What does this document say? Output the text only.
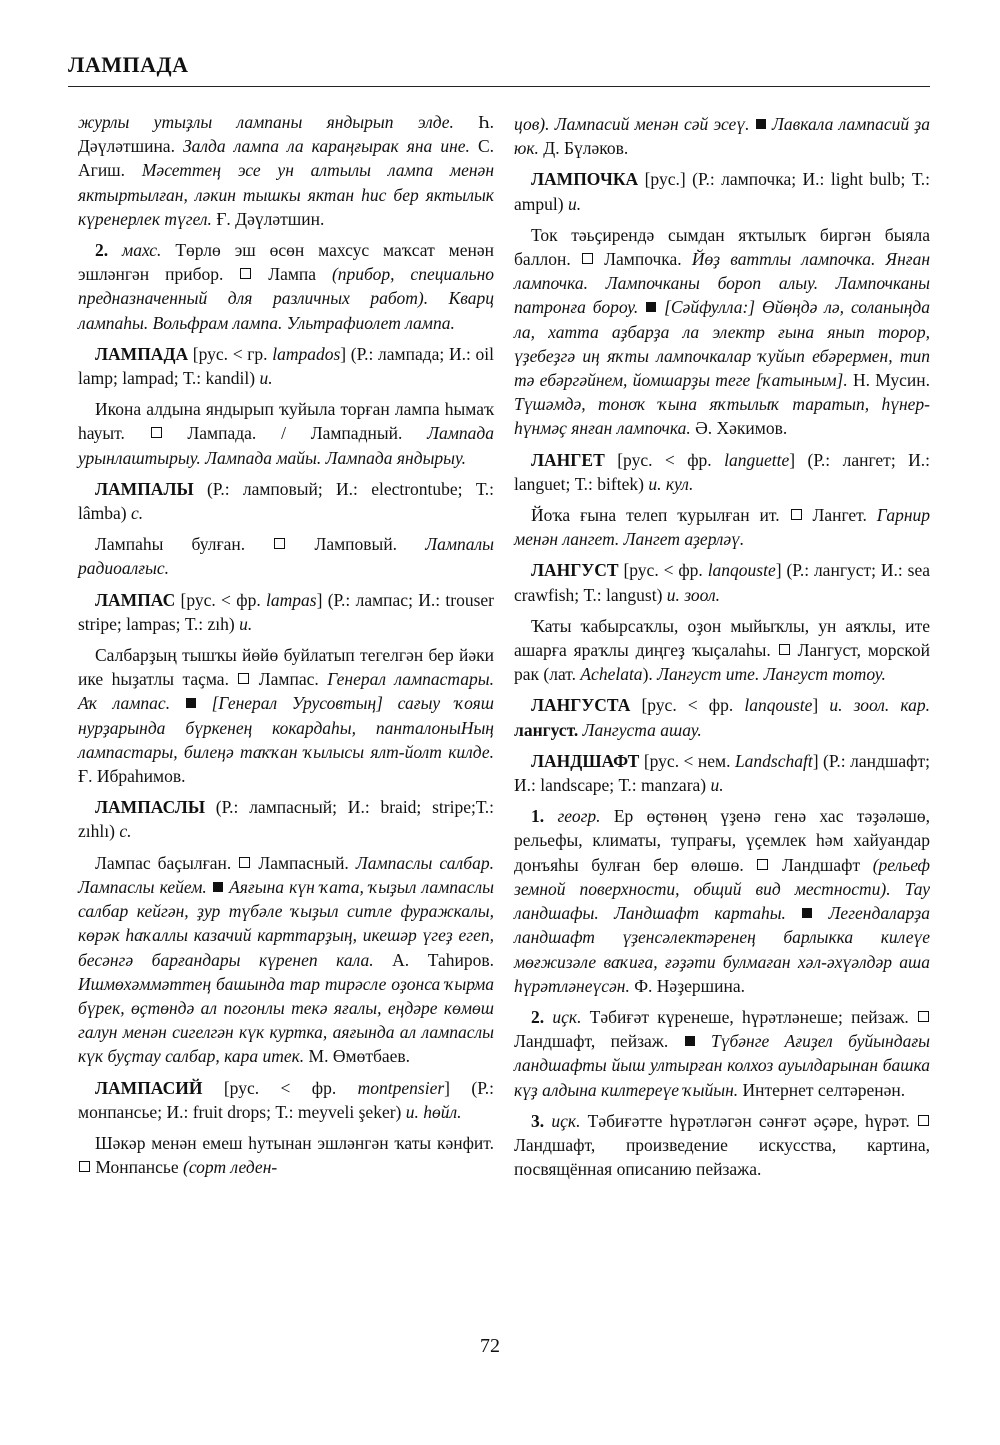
ЛАМПАДА

журлы утыҙлы лампаны яндырып элде. Һ. Дәүләтшина. Залда лампа ла карaңғырак яна ине. С. Агиш. Мәсеттең эсе ун алтылы лампа менән яктыртылған, ләкин тышкы яктан һис бер яктылык күренерлек түгел. Ғ. Дәүләтшин.

2. махс. Төрлө эш өсөн махсус маҡсат менән эшләнгән прибор.  Лампа (прибор, специально предназначенный для различных работ). Кварц лампаһы. Вольфрам лампа. Ультрафиолет лампа.

ЛАМПАДА [рус. < гр. lampados] (Р.: лампада; И.: oil lamp; lampad; Т.: kandil) и.

Икона алдына яндырып ҡуйыла торған лампа һымаҡ һауыт.  Лампада. / Лампадный. Лампада урынлаштырыу. Лампада майы. Лампада яндырыу.

ЛАМПАЛЫ (Р.: ламповый; И.: electrontube; Т.: lâmba) с.

Лампаһы булған.  Ламповый. Лампалы радиоалғыс.

ЛАМПАС [рус. < фр. lampas] (Р.: лампас; И.: trouser stripe; lampas; Т.: zıh) и.

Салбарҙың тышҡы йөйө буйлатып тегелгән бер йәки ике һыҙатлы таҫма.  Лампас. Генерал лампастары. Аҡ лампас. [Генерал Урусовтың] сағыу ҡояш нурҙарында бүркенең кокардаһы, панталоныНың лампастары, билеңә таҡҡан ҡылысы ялт-йолт килде. Ғ. Ибраһимов.

ЛАМПАСЛЫ (Р.: лампасный; И.: braid; stripe;Т.: zıhlı) с.

Лампас баҫылған.  Лампасный. Лампаслы салбар. Лампаслы кейем. Аяғына күн ҡата, ҡыҙыл лампаслы салбар кейгән, ҙур түбәле ҡыҙыл ситле фуражкалы, көрәк һаҡаллы казачий карттарҙың, икешәр үгеҙ егеп, бесәнгә барғандары күренеп кала. А. Таһиров. Ишмөхәммәттең башында тар тирәсле оҙонса ҡырма бүрек, өҫтөндә ал погонлы текә яғалы, еңдәре көмөш галун менән сигелгән күк куртка, аяғында ал лампаслы күк буҫтау салбар, кара итек. М. Өмөтбаев.

ЛАМПАСИЙ [рус. < фр. montpensier] (Р.: монпансье; И.: fruit drops; Т.: meyveli şeker) и. һөйл.

Шәкәр менән емеш һутынан эшләнгән ҡаты кәнфит.  Монпансье (сорт леден-

цов). Лампасий менән сәй эсеү. Лавкала лампасий ҙа юк. Д. Бүләков.

ЛАМПОЧКА [рус.] (Р.: лампочка; И.: light bulb; Т.: ampul) и.

Ток тәьҫирендә сымдан яҡтылыҡ биргән быяла баллон.  Лампочка. Йөҙ ваттлы лампочка. Янған лампочка. Лампочканы бороп алыу. Лампочканы патронға бороу. [Сәйфулла:] Өйөңдә лә, соланыңда ла, хатта аҙбарҙа ла электр ғына янып торор, үҙебеҙгә иң яҡты лампочкалар ҡуйып ебәрермен, тип тә ебәргәйнем, йомшарҙы теге [ҡатыным]. Н. Мусин. Түшәмдә, тоноҡ ҡына яҡтылыҡ таратып, һүнер-һүнмәҫ янған лампочка. Ә. Хәкимов.

ЛАНГЕТ [рус. < фр. languette] (Р.: лангет; И.: languet; Т.: biftek) и. кул.

Йоҡа ғына телеп ҡурылған ит.  Лангет. Гарнир менән лангет. Лангет аҙерләү.

ЛАНГУСТ [рус. < фр. lanqouste] (Р.: лангуст; И.: sea crawfish; Т.: langust) и. зоол.

Ҡаты ҡабырсаҡлы, оҙон мыйыҡлы, ун аяҡлы, ите ашарға яраҡлы диңгеҙ ҡыҫалаһы.  Лангуст, морской рак (лат. Achelata). Лангуст ите. Лангуст тотоу.

ЛАНГУСТА [рус. < фр. lanqouste] и. зоол. кар. лангуст. Лангуста ашау.

ЛАНДШАФТ [рус. < нем. Landschaft] (Р.: ландшафт; И.: landscape; Т.: manzara) и.

1. геогр. Ер өҫтөнөң үҙенә генә хас тәҙәләшө, рельефы, климаты, тупрағы, үҫемлек һәм хайуандар донъяһы булған бер өлөшө.  Ландшафт (рельеф земной поверхности, общий вид местности). Тау ландшафы. Ландшафт картаһы. Легендаларҙа ландшафт үҙенсәлектәренең барлыкка килеүе мөғжизәле ваҡиға, ғәҙәти булмаған хәл-әхүәлдәр аша һүрәтләнеүсән. Ф. Нәҙершина.

2. иҫк. Тәбиғәт күренеше, һүрәтләнеше; пейзаж.  Ландшафт, пейзаж.  Түбәнге Ағиҙел буйындағы ландшафты йыш ултырған колхоз ауылдарынан башка күҙ алдына килтереүе ҡыйын. Интернет селтәренән.

3. иҫк. Тәбиғәтте һүрәтләгән сәнғәт әҫәре, һүрәт.  Ландшафт, произведение искусства, картина, посвящённая описанию пейзажа.

72
